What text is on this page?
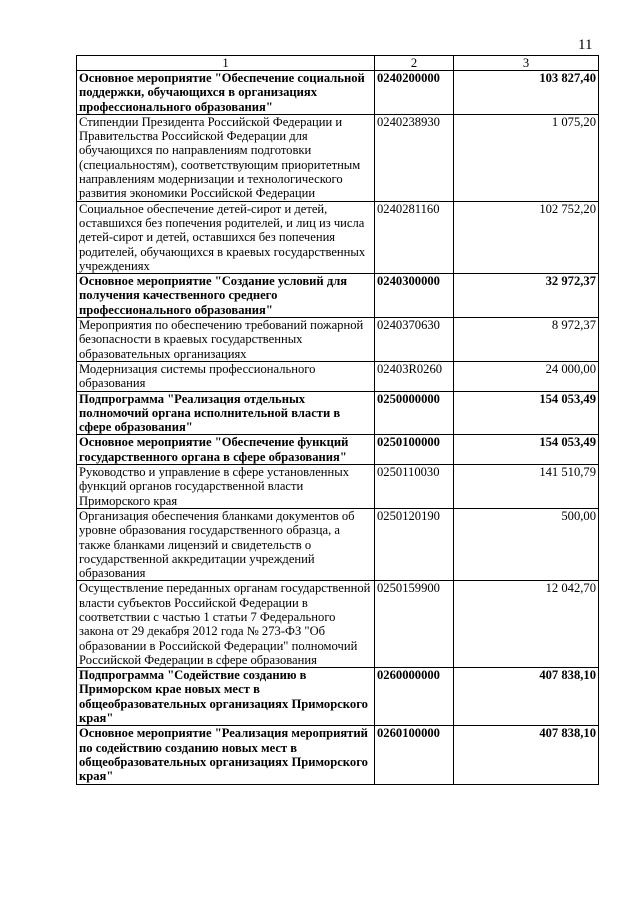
11
1	2	3
Основное мероприятие "Обеспечение социальной поддержки, обучающихся в организациях профессионального образования"	0240200000	103 827,40
Стипендии Президента Российской Федерации и Правительства Российской Федерации для обучающихся по направлениям подготовки (специальностям), соответствующим приоритетным направлениям модернизации и технологического развития экономики Российской Федерации	0240238930	1 075,20
Социальное обеспечение детей-сирот и детей, оставшихся без попечения родителей, и лиц из числа детей-сирот и детей, оставшихся без попечения родителей, обучающихся в краевых государственных учреждениях	0240281160	102 752,20
Основное мероприятие "Создание условий для получения качественного среднего профессионального образования"	0240300000	32 972,37
Мероприятия по обеспечению требований пожарной безопасности в краевых государственных образовательных организациях	0240370630	8 972,37
Модернизация системы профессионального образования	02403R0260	24 000,00
Подпрограмма "Реализация отдельных полномочий органа исполнительной власти в сфере образования"	0250000000	154 053,49
Основное мероприятие "Обеспечение функций государственного органа в сфере образования"	0250100000	154 053,49
Руководство и управление в сфере установленных функций органов государственной власти Приморского края	0250110030	141 510,79
Организация обеспечения бланками документов об уровне образования государственного образца, а также бланками лицензий и свидетельств о государственной аккредитации учреждений образования	0250120190	500,00
Осуществление переданных органам государственной власти субъектов Российской Федерации в соответствии с частью 1 статьи 7 Федерального закона от 29 декабря 2012 года № 273-ФЗ "Об образовании в Российской Федерации" полномочий Российской Федерации в сфере образования	0250159900	12 042,70
Подпрограмма "Содействие созданию в Приморском крае новых мест в общеобразовательных организациях Приморского края"	0260000000	407 838,10
Основное мероприятие "Реализация мероприятий по содействию созданию новых мест в общеобразовательных организациях Приморского края"	0260100000	407 838,10
